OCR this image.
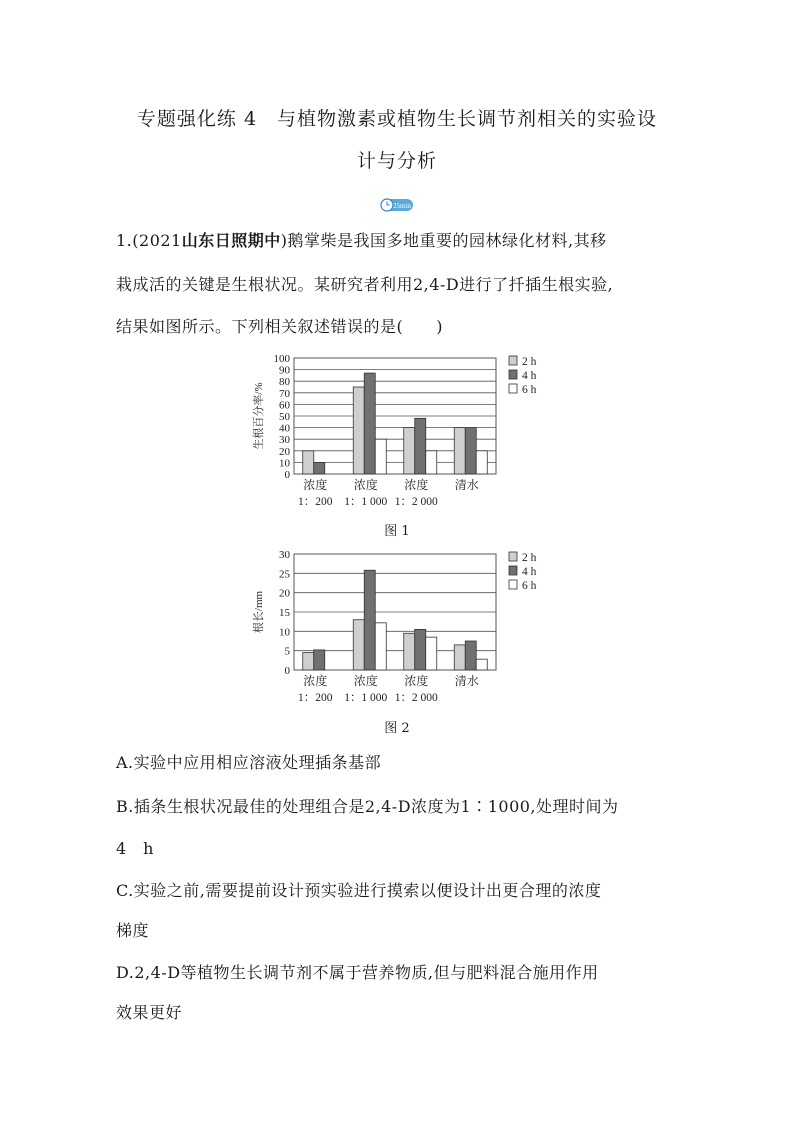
专题强化练 4　与植物激素或植物生长调节剂相关的实验设
计与分析
25min
1.(2021山东日照期中)鹅掌柴是我国多地重要的园林绿化材料,其移
栽成活的关键是生根状况。某研究者利用2,4-D进行了扦插生根实验,
结果如图所示。下列相关叙述错误的是(　　)
0
10
20
30
40
50
60
70
80
90
100
生根百分率/%
浓度
1：200
浓度
1：1 000
浓度
1：2 000
清水
2 h
4 h
6 h
图 1
0
5
10
15
20
25
30
根长/mm
浓度
1：200
浓度
1：1 000
浓度
1：2 000
清水
2 h
4 h
6 h
图 2
A.实验中应用相应溶液处理插条基部
B.插条生根状况最佳的处理组合是2,4-D浓度为1∶1000,处理时间为
4　h
C.实验之前,需要提前设计预实验进行摸索以便设计出更合理的浓度
梯度
D.2,4-D等植物生长调节剂不属于营养物质,但与肥料混合施用作用
效果更好
